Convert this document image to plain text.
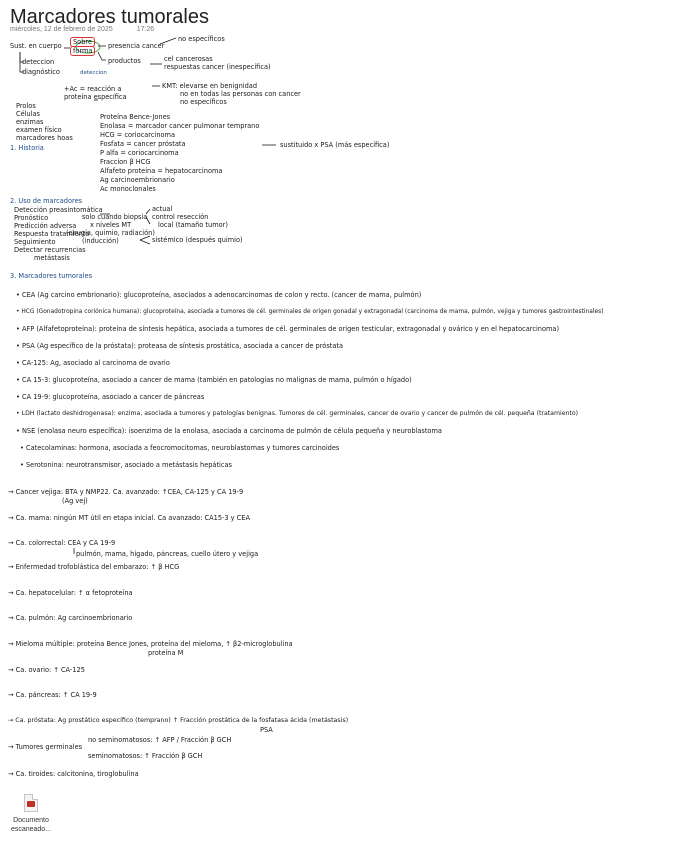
Marcadores tumorales
miércoles, 12 de febrero de 2025	17:26
Sust. en cuerpo	Sobre
forma
presencia cancer
no específicos
productos	cel cancerosas
respuestas cancer (inespecífica)
deteccion
diagnóstico	deteccion
+Ac = reacción a proteína específica
KMT: elevarse en benignidad
no en todas las personas con cancer
no específicos
Prolos
Células
enzimas
examen físico
marcadores hoas
1. Historia
Proteína Bence-Jones
Enolasa = marcador cancer pulmonar temprano
HCG = coriocarcinoma
Fosfata = cancer próstata
P alfa = coriocarcinoma
Fraccion β HCG
Alfafeto proteína = hepatocarcinoma
Ag carcinoembrionario
Ac monoclonales
sustituido x PSA (más específica)
2. Uso de marcadores
Detección preasintomática
Pronóstico
Predicción adversa
Respuesta tratamiento
Seguimiento
Detectar recurrencias
metástasis
solo cuando biopsia
x niveles MT
(cirugía, quimio, radiación)
(inducción)
actual
control resección
local (tamaño tumor)
sistémico (después quimio)
3. Marcadores tumorales
• CEA (Ag carcino embrionario): glucoproteína, asociados a adenocarcinomas de colon y recto. (cancer de mama, pulmón)
• HCG (Gonadotropina coriónica humana): glucoproteína, asociada a tumores de cél. germinales de origen gonadal y extragonadal (carcinoma de mama, pulmón, vejiga y tumores gastrointestinales)
• AFP (Alfafetoproteína): proteína de síntesis hepática, asociada a tumores de cél. germinales de origen testicular, extragonadal y ovárico y en el hepatocarcinoma)
• PSA (Ag específico de la próstata): proteasa de síntesis prostática, asociada a cancer de próstata
• CA-125: Ag, asociado al carcinoma de ovario
• CA 15-3: glucoproteína, asociado a cancer de mama (también en patologías no malignas de mama, pulmón o hígado)
• CA 19-9: glucoproteína, asociado a cancer de páncreas
• LDH (lactato deshidrogenasa): enzima, asociada a tumores y patologías benignas. Tumores de cél. germinales, cancer de ovario y cancer de pulmón de cél. pequeña (tratamiento)
• NSE (enolasa neuro específica): isoenzima de la enolasa, asociada a carcinoma de pulmón de célula pequeña y neuroblastoma
• Catecolaminas: hormona, asociada a feocromocitomas, neuroblastomas y tumores carcinoides
• Serotonina: neurotransmisor, asociado a metástasis hepáticas
→ Cancer vejiga: BTA y NMP22. Ca. avanzado: ↑CEA, CA-125 y CA 19-9
(Ag vej)
→ Ca. mama: ningún MT útil en etapa inicial. Ca avanzado: CA15-3 y CEA
→ Ca. colorrectal: CEA y CA 19-9
pulmón, mama, hígado, páncreas, cuello útero y vejiga
→ Enfermedad trofoblástica del embarazo: ↑ β HCG
→ Ca. hepatocelular: ↑ α fetoproteína
→ Ca. pulmón: Ag carcinoembrionario
→ Mieloma múltiple: proteína Bence Jones, proteína del mieloma, ↑ β2-microglobulina
proteína M
→ Ca. ovario: ↑ CA-125
→ Ca. páncreas: ↑ CA 19-9
→ Ca. próstata: Ag prostático específico (temprano) ↑ Fracción prostática de la fosfatasa ácida (metástasis)
PSA
→ Tumores germinales
no seminomatosos: ↑ AFP / Fracción β GCH
seminomatosos: ↑ Fracción β GCH
→ Ca. tiroides: calcitonina, tiroglobulina
Documento
escaneado...
